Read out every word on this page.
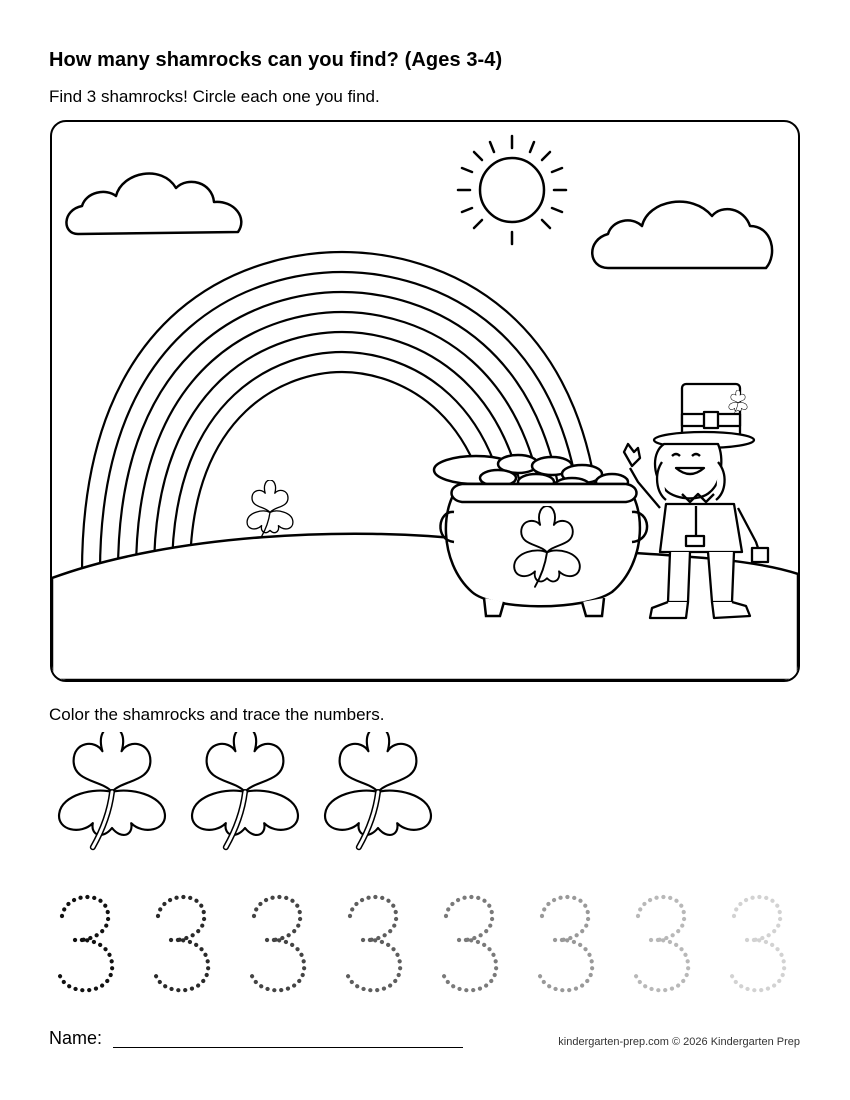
How many shamrocks can you find? (Ages 3-4)

Find 3 shamrocks! Circle each one you find.

Color the shamrocks and trace the numbers.

Name:	kindergarten-prep.com © 2026 Kindergarten Prep
